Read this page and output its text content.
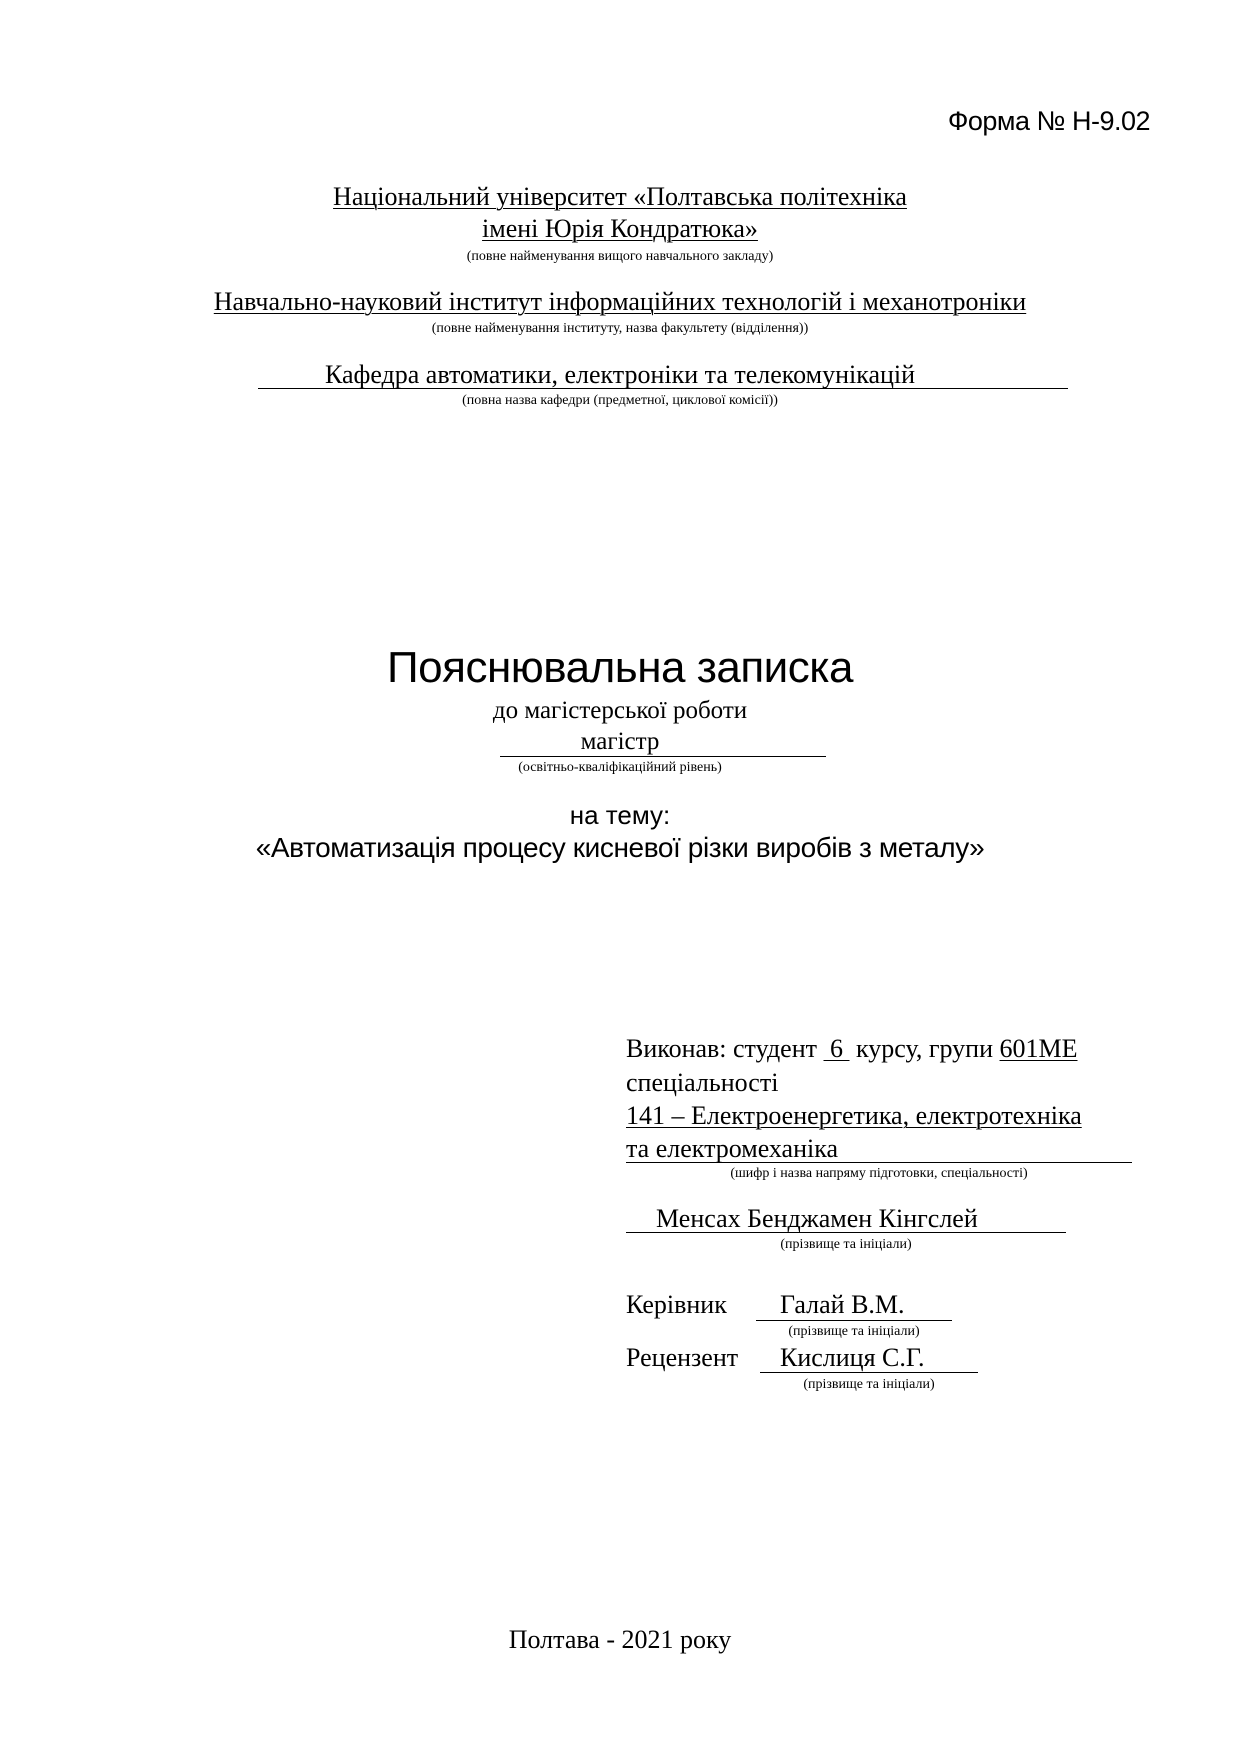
Форма № Н-9.02
Національний університет «Полтавська політехніка
імені Юрія Кондратюка»
(повне найменування вищого навчального закладу)
Навчально-науковий інститут інформаційних технологій і механотроніки
(повне найменування інституту, назва факультету (відділення))
Кафедра автоматики, електроніки та телекомунікацій
(повна назва кафедри (предметної, циклової комісії))
Пояснювальна записка
до магістерської роботи
магістр
(освітньо-кваліфікаційний рівень)
на тему:
«Автоматизація процесу кисневої різки виробів з металу»
Виконав: студент  6  курсу, групи 601МЕ
спеціальності
141 – Електроенергетика, електротехніка
та електромеханіка
(шифр і назва напряму підготовки, спеціальності)
Менсах Бенджамен Кінгслей
(прізвище та ініціали)
Керівник Галай В.М.
(прізвище та ініціали)
Рецензент Кислиця С.Г.
(прізвище та ініціали)
Полтава - 2021 року
